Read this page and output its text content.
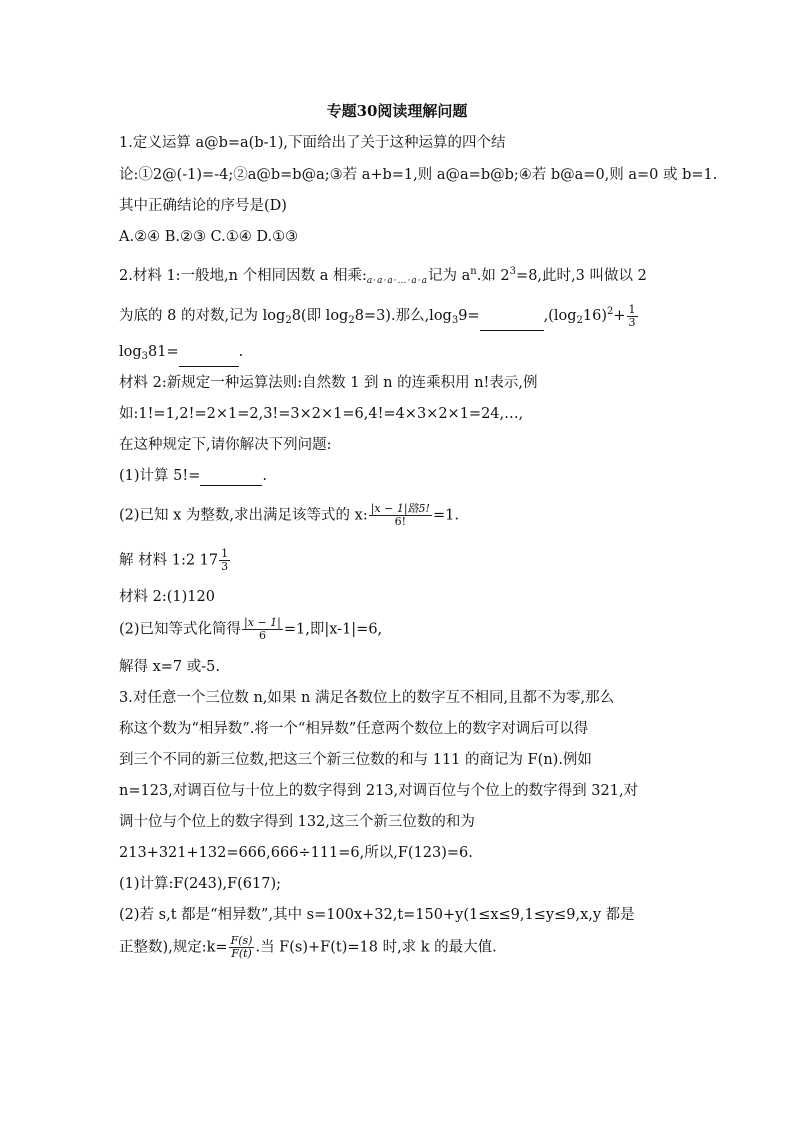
专题30阅读理解问题
1.定义运算 a@b=a(b-1),下面给出了关于这种运算的四个结
论:①2@(-1)=-4;②a@b=b@a;③若 a+b=1,则 a@a=b@b;④若 b@a=0,则 a=0 或 b=1.
其中正确结论的序号是(D)
A.②④ B.②③ C.①④ D.①③
2.材料 1:一般地,n 个相同因数 a 相乘$:_{a\cdot a\cdot a\cdot\dots\cdot a\cdot a}$记为 $a^n$.如 $2^3=8$,此时,3 叫做以 2
为底的 8 的对数,记为 $\log_28$(即 $\log_28=3$).那么$,\log_39=$	$,(\log_216)^2+ \frac{1}{3}$
$\log_381=$	.
材料 2:新规定一种运算法则:自然数 1 到 n 的连乘积用 n!表示,例
如:1!=1,2!=2×1=2,3!=3×2×1=6,4!=4×3×2×1=24,…,
在这种规定下,请你解决下列问题:
(1)计算 5!=	.
(2)已知 x 为整数,求出满足该等式的 x: $\frac{\text{|x − 1|路5!}}{6!} =1$.
解 材料 1:2 $17 \frac{1}{3}$
材料 2:(1)120
(2)已知等式化简得 $\frac{|x - 1|}{6} =1$,即|x-1|=6,
解得 x=7 或-5.
3.对任意一个三位数 n,如果 n 满足各数位上的数字互不相同,且都不为零,那么
称这个数为“相异数”.将一个“相异数”任意两个数位上的数字对调后可以得
到三个不同的新三位数,把这三个新三位数的和与 111 的商记为 F(n).例如
n=123,对调百位与十位上的数字得到 213,对调百位与个位上的数字得到 321,对
调十位与个位上的数字得到 132,这三个新三位数的和为
213+321+132=666,666÷111=6,所以,F(123)=6.
(1)计算:F(243),F(617);
(2)若 s,t 都是“相异数”,其中 s=100x+32,t=150+y(1≤x≤9,1≤y≤9,x,y 都是
正整数),规定:k= $\frac{F(s)}{F(t)}$ .当 F(s)+F(t)=18 时,求 k 的最大值.
